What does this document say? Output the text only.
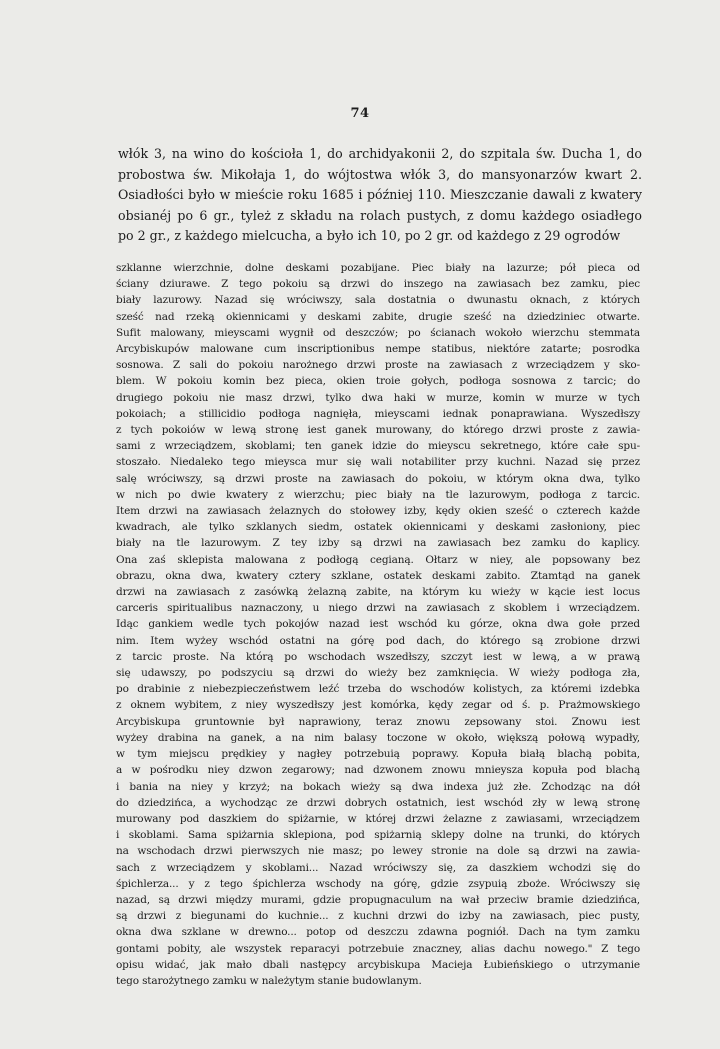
74
włók 3, na wino do kościoła 1, do archidyakonii 2, do szpitala św. Ducha 1, do
probostwa św. Mikołaja 1, do wójtostwa włók 3, do mansyonarzów kwart 2.
Osiadłości było w mieście roku 1685 i później 110. Mieszczanie dawali z kwatery
obsianéj po 6 gr., tyleż z składu na rolach pustych, z domu każdego osiadłego
po 2 gr., z każdego mielcucha, a było ich 10, po 2 gr. od każdego z 29 ogrodów
szklanne wierzchnie, dolne deskami pozabijane. Piec biały na lazurze; pół pieca od
ściany dziurawe. Z tego pokoiu są drzwi do inszego na zawiasach bez zamku, piec
biały lazurowy. Nazad się wróciwszy, sala dostatnia o dwunastu oknach, z których
sześć nad rzeką okiennicami y deskami zabite, drugie sześć na dziedziniec otwarte.
Sufit malowany, mieyscami wygnił od deszczów; po ścianach wokoło wierzchu stemmata
Arcybiskupów malowane cum inscriptionibus nempe statibus, niektóre zatarte; posrodka
sosnowa. Z sali do pokoiu narożnego drzwi proste na zawiasach z wrzeciądzem y sko-
blem. W pokoiu komin bez pieca, okien troie gołych, podłoga sosnowa z tarcic; do
drugiego pokoiu nie masz drzwi, tylko dwa haki w murze, komin w murze w tych
pokoiach; a stillicidio podłoga nagnięła, mieyscami iednak ponaprawiana. Wyszedłszy
z tych pokoiów w lewą stronę iest ganek murowany, do którego drzwi proste z zawia-
sami z wrzeciądzem, skoblami; ten ganek idzie do mieyscu sekretnego, które całe spu-
stoszało. Niedaleko tego mieysca mur się wali notabiliter przy kuchni. Nazad się przez
salę wróciwszy, są drzwi proste na zawiasach do pokoiu, w którym okna dwa, tylko
w nich po dwie kwatery z wierzchu; piec biały na tle lazurowym, podłoga z tarcic.
Item drzwi na zawiasach żelaznych do stołowey izby, kędy okien sześć o czterech każde
kwadrach, ale tylko szklanych siedm, ostatek okiennicami y deskami zasłoniony, piec
biały na tle lazurowym. Z tey izby są drzwi na zawiasach bez zamku do kaplicy.
Ona zaś sklepista malowana z podłogą cegianą. Ołtarz w niey, ale popsowany bez
obrazu, okna dwa, kwatery cztery szklane, ostatek deskami zabito. Ztamtąd na ganek
drzwi na zawiasach z zasówką żelazną zabite, na którym ku wieży w kącie iest locus
carceris spiritualibus naznaczony, u niego drzwi na zawiasach z skoblem i wrzeciądzem.
Idąc gankiem wedle tych pokojów nazad iest wschód ku górze, okna dwa gołe przed
nim. Item wyżey wschód ostatni na górę pod dach, do którego są zrobione drzwi
z tarcic proste. Na którą po wschodach wszedłszy, szczyt iest w lewą, a w prawą
się udawszy, po podszyciu są drzwi do wieży bez zamknięcia. W wieży podłoga zła,
po drabinie z niebezpieczeństwem leźć trzeba do wschodów kolistych, za któremi izdebka
z oknem wybitem, z niey wyszedłszy jest komórka, kędy zegar od ś. p. Prażmowskiego
Arcybiskupa gruntownie był naprawiony, teraz znowu zepsowany stoi. Znowu iest
wyżey drabina na ganek, a na nim balasy toczone w około, większą połową wypadły,
w tym miejscu prędkiey y nagłey potrzebuią poprawy. Kopuła białą blachą pobita,
a w pośrodku niey dzwon zegarowy; nad dzwonem znowu mnieysza kopuła pod blachą
i bania na niey y krzyż; na bokach wieży są dwa indexa już złe. Zchodząc na dół
do dziedzińca, a wychodząc ze drzwi dobrych ostatnich, iest wschód zły w lewą stronę
murowany pod daszkiem do spiżarnie, w której drzwi żelazne z zawiasami, wrzeciądzem
i skoblami. Sama spiżarnia sklepiona, pod spiżarnią sklepy dolne na trunki, do których
na wschodach drzwi pierwszych nie masz; po lewey stronie na dole są drzwi na zawia-
sach z wrzeciądzem y skoblami... Nazad wróciwszy się, za daszkiem wchodzi się do
śpichlerza... y z tego śpichlerza wschody na górę, gdzie zsypuią zboże. Wróciwszy się
nazad, są drzwi między murami, gdzie propugnaculum na wał przeciw bramie dziedzińca,
są drzwi z biegunami do kuchnie... z kuchni drzwi do izby na zawiasach, piec pusty,
okna dwa szklane w drewno... potop od deszczu zdawna pogniół. Dach na tym zamku
gontami pobity, ale wszystek reparacyi potrzebuie znaczney, alias dachu nowego." Z tego
opisu widać, jak mało dbali następcy arcybiskupa Macieja Łubieńskiego o utrzymanie
tego starożytnego zamku w należytym stanie budowlanym.
